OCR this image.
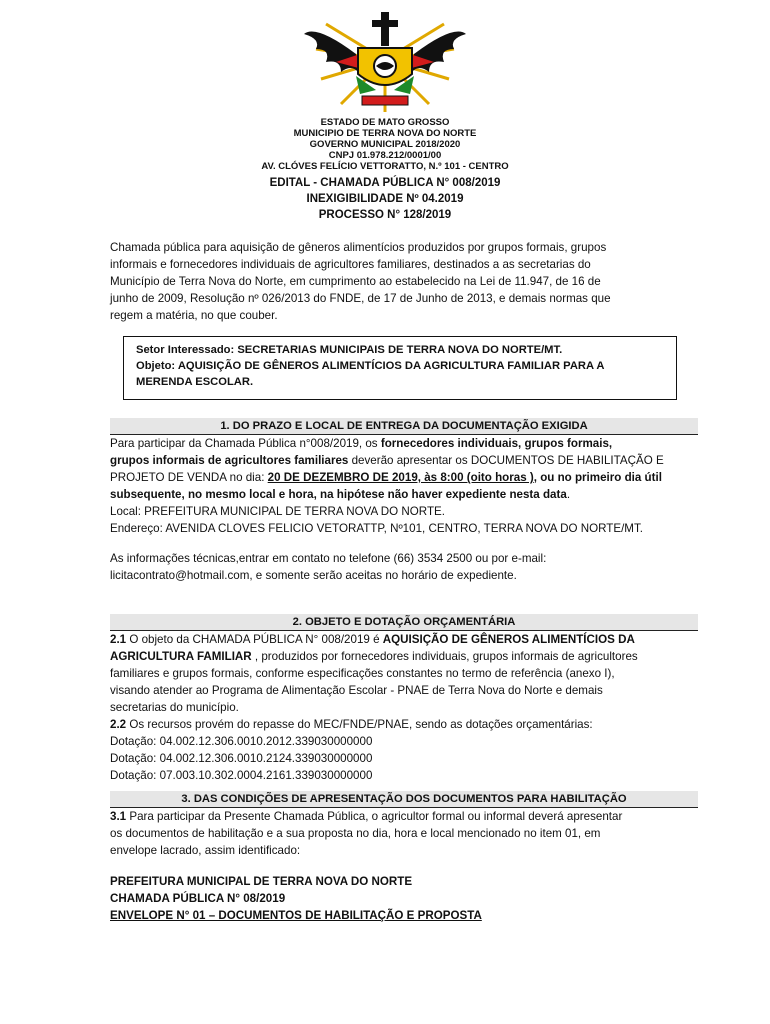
ESTADO DE MATO GROSSO
MUNICIPIO DE TERRA NOVA DO NORTE
GOVERNO MUNICIPAL 2018/2020
CNPJ 01.978.212/0001/00
AV. CLÓVES FELÍCIO VETTORATTO, N.º 101 - CENTRO
EDITAL - CHAMADA PÚBLICA N° 008/2019
INEXIGIBILIDADE Nº 04.2019
PROCESSO N° 128/2019
Chamada pública para aquisição de gêneros alimentícios produzidos por grupos formais, grupos
informais e fornecedores individuais de agricultores familiares, destinados a as secretarias do
Município de Terra Nova do Norte, em cumprimento ao estabelecido na Lei de 11.947, de 16 de
junho de 2009, Resolução nº 026/2013 do FNDE, de 17 de Junho de 2013, e demais normas que
regem a matéria, no que couber.
Setor Interessado: SECRETARIAS MUNICIPAIS DE TERRA NOVA DO NORTE/MT.
Objeto: AQUISIÇÃO DE GÊNEROS ALIMENTÍCIOS DA AGRICULTURA FAMILIAR PARA A
MERENDA ESCOLAR.
1. DO PRAZO E LOCAL DE ENTREGA DA DOCUMENTAÇÃO EXIGIDA
Para participar da Chamada Pública n°008/2019, os fornecedores individuais, grupos formais,
grupos informais de agricultores familiares deverão apresentar os DOCUMENTOS DE HABILITAÇÃO E
PROJETO DE VENDA no dia: 20 DE DEZEMBRO DE 2019, às 8:00 (oito horas ), ou no primeiro dia útil
subsequente, no mesmo local e hora, na hipótese não haver expediente nesta data.
Local: PREFEITURA MUNICIPAL DE TERRA NOVA DO NORTE.
Endereço: AVENIDA CLOVES FELICIO VETORATTP, Nº101, CENTRO, TERRA NOVA DO NORTE/MT.
As informações técnicas,entrar em contato no telefone (66) 3534 2500 ou por e-mail:
licitacontrato@hotmail.com, e somente serão aceitas no horário de expediente.
2. OBJETO E DOTAÇÃO ORÇAMENTÁRIA
2.1 O objeto da CHAMADA PÚBLICA N° 008/2019 é AQUISIÇÃO DE GÊNEROS ALIMENTÍCIOS DA
AGRICULTURA FAMILIAR , produzidos por fornecedores individuais, grupos informais de agricultores
familiares e grupos formais, conforme especificações constantes no termo de referência (anexo I),
visando atender ao Programa de Alimentação Escolar - PNAE de Terra Nova do Norte e demais
secretarias do município.
2.2 Os recursos provém do repasse do MEC/FNDE/PNAE, sendo as dotações orçamentárias:
Dotação: 04.002.12.306.0010.2012.339030000000
Dotação: 04.002.12.306.0010.2124.339030000000
Dotação: 07.003.10.302.0004.2161.339030000000
3. DAS CONDIÇÕES DE APRESENTAÇÃO DOS DOCUMENTOS PARA HABILITAÇÃO
3.1 Para participar da Presente Chamada Pública, o agricultor formal ou informal deverá apresentar
os documentos de habilitação e a sua proposta no dia, hora e local mencionado no item 01, em
envelope lacrado, assim identificado:
PREFEITURA MUNICIPAL DE TERRA NOVA DO NORTE
CHAMADA PÚBLICA N° 08/2019
ENVELOPE N° 01 – DOCUMENTOS DE HABILITAÇÃO E PROPOSTA
